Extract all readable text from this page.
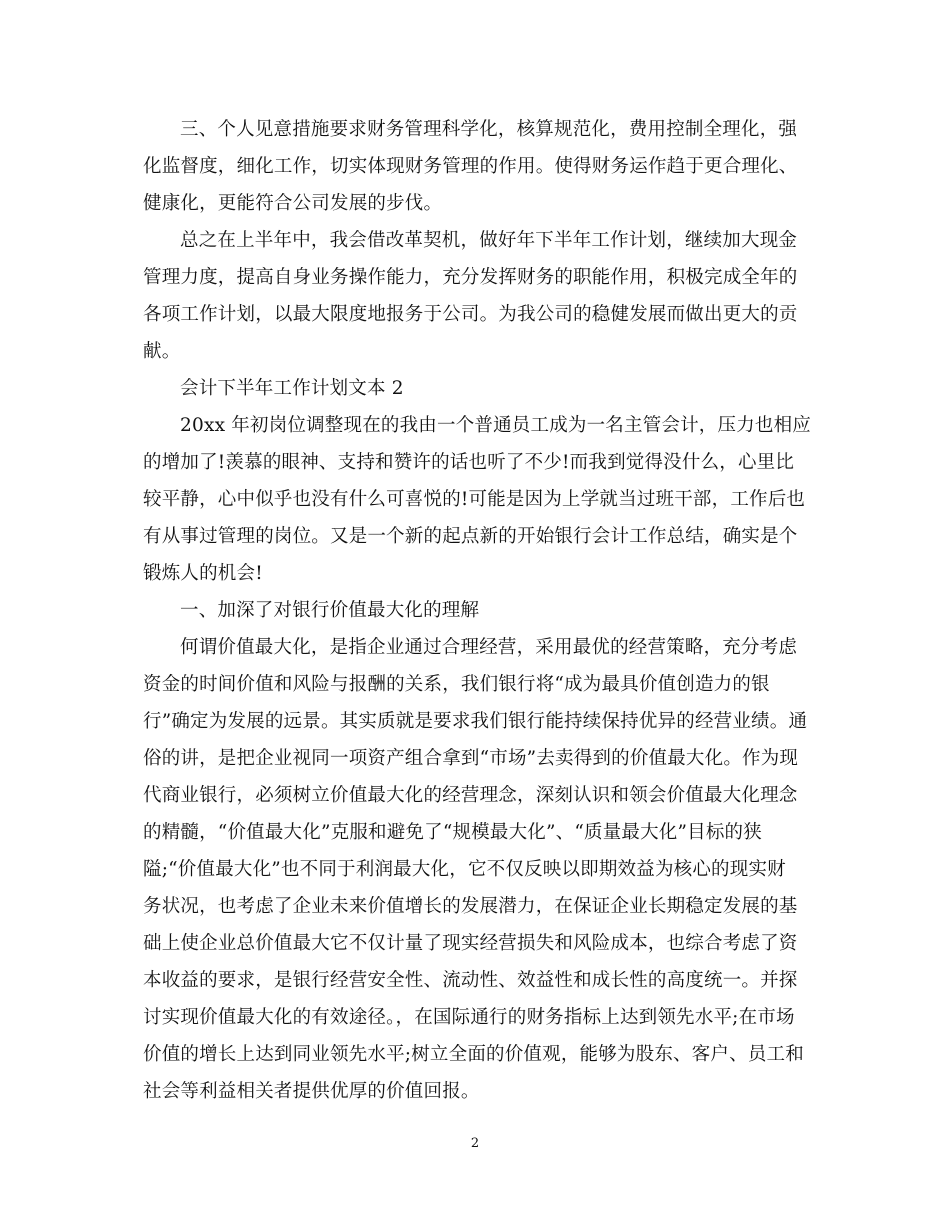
三、个人见意措施要求财务管理科学化，核算规范化，费用控制全理化，强
化监督度，细化工作，切实体现财务管理的作用。使得财务运作趋于更合理化、
健康化，更能符合公司发展的步伐。
总之在上半年中，我会借改革契机，做好年下半年工作计划，继续加大现金
管理力度，提高自身业务操作能力，充分发挥财务的职能作用，积极完成全年的
各项工作计划，以最大限度地报务于公司。为我公司的稳健发展而做出更大的贡
献。
会计下半年工作计划文本 2
20xx 年初岗位调整现在的我由一个普通员工成为一名主管会计，压力也相应
的增加了!羡慕的眼神、支持和赞许的话也听了不少!而我到觉得没什么，心里比
较平静，心中似乎也没有什么可喜悦的!可能是因为上学就当过班干部，工作后也
有从事过管理的岗位。又是一个新的起点新的开始银行会计工作总结，确实是个
锻炼人的机会!
一、加深了对银行价值最大化的理解
何谓价值最大化，是指企业通过合理经营，采用最优的经营策略，充分考虑
资金的时间价值和风险与报酬的关系，我们银行将“成为最具价值创造力的银
行”确定为发展的远景。其实质就是要求我们银行能持续保持优异的经营业绩。通
俗的讲，是把企业视同一项资产组合拿到“市场”去卖得到的价值最大化。作为现
代商业银行，必须树立价值最大化的经营理念，深刻认识和领会价值最大化理念
的精髓，“价值最大化”克服和避免了“规模最大化”、“质量最大化”目标的狭
隘;“价值最大化”也不同于利润最大化，它不仅反映以即期效益为核心的现实财
务状况，也考虑了企业未来价值增长的发展潜力，在保证企业长期稳定发展的基
础上使企业总价值最大它不仅计量了现实经营损失和风险成本，也综合考虑了资
本收益的要求，是银行经营安全性、流动性、效益性和成长性的高度统一。并探
讨实现价值最大化的有效途径。，在国际通行的财务指标上达到领先水平;在市场
价值的增长上达到同业领先水平;树立全面的价值观，能够为股东、客户、员工和
社会等利益相关者提供优厚的价值回报。
2
